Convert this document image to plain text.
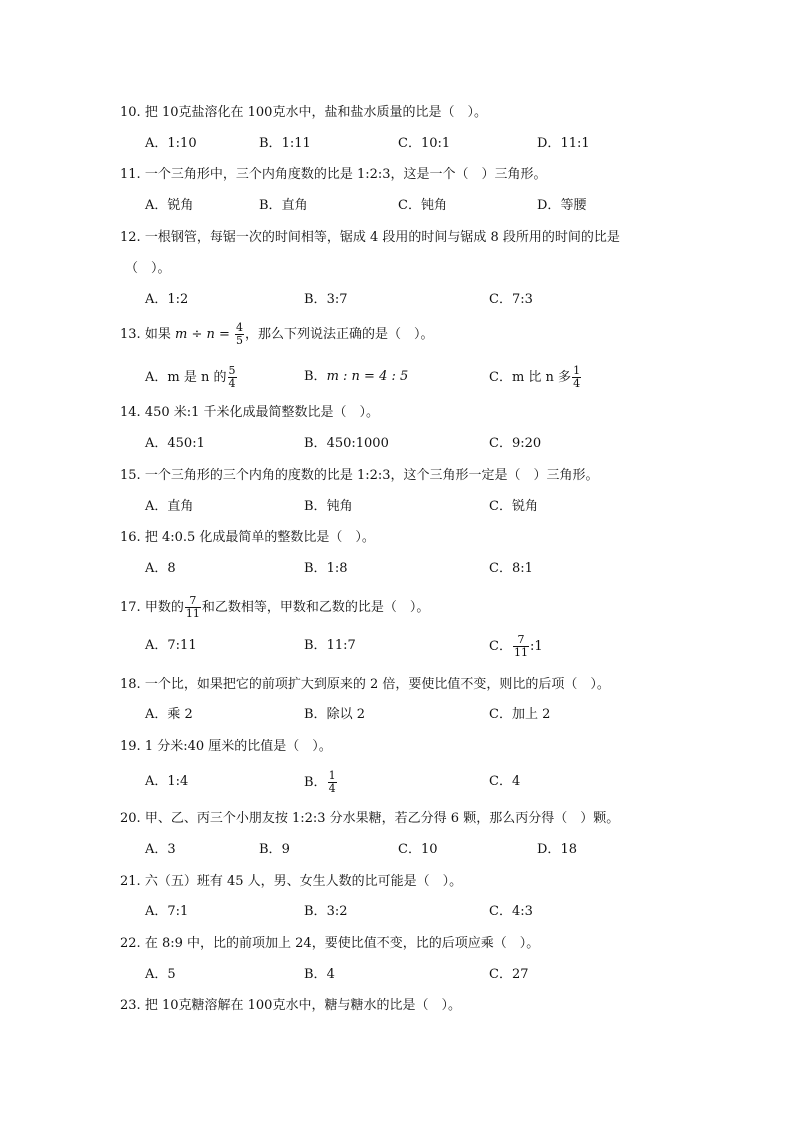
10. 把 10克盐溶化在 100克水中，盐和盐水质量的比是（　）。
A．1:10	B．1:11	C．10:1	D．11:1
11. 一个三角形中，三个内角度数的比是 1:2:3，这是一个（　）三角形。
A．锐角	B．直角	C．钝角	D．等腰
12. 一根钢管，每锯一次的时间相等，锯成 4 段用的时间与锯成 8 段所用的时间的比是
（　）。
A．1:2	B．3:7	C．7:3
13. 如果 $m \div n = \frac{4}{5}$ ，那么下列说法正确的是（　）。
A．m 是 n 的 $\frac{5}{4}$	B．m : n = 4 : 5	C．m 比 n 多 $\frac{1}{4}$
14. 450 米:1 千米化成最简整数比是（　）。
A．450:1	B．450:1000	C．9:20
15. 一个三角形的三个内角的度数的比是 1:2:3，这个三角形一定是（　）三角形。
A．直角	B．钝角	C．锐角
16. 把 4:0.5 化成最简单的整数比是（　）。
A．8	B．1:8	C．8:1
17. 甲数的 $\frac{7}{11}$ 和乙数相等，甲数和乙数的比是（　）。
A．7:11	B．11:7	C． $\frac{7}{11}$ :1
18. 一个比，如果把它的前项扩大到原来的 2 倍，要使比值不变，则比的后项（　）。
A．乘 2	B．除以 2	C．加上 2
19. 1 分米:40 厘米的比值是（　）。
A．1:4	B． $\frac{1}{4}$	C．4
20. 甲、乙、丙三个小朋友按 1:2:3 分水果糖，若乙分得 6 颗，那么丙分得（　）颗。
A．3	B．9	C．10	D．18
21. 六（五）班有 45 人，男、女生人数的比可能是（　）。
A．7:1	B．3:2	C．4:3
22. 在 8:9 中，比的前项加上 24，要使比值不变，比的后项应乘（　）。
A．5	B．4	C．27
23. 把 10克糖溶解在 100克水中，糖与糖水的比是（　）。
